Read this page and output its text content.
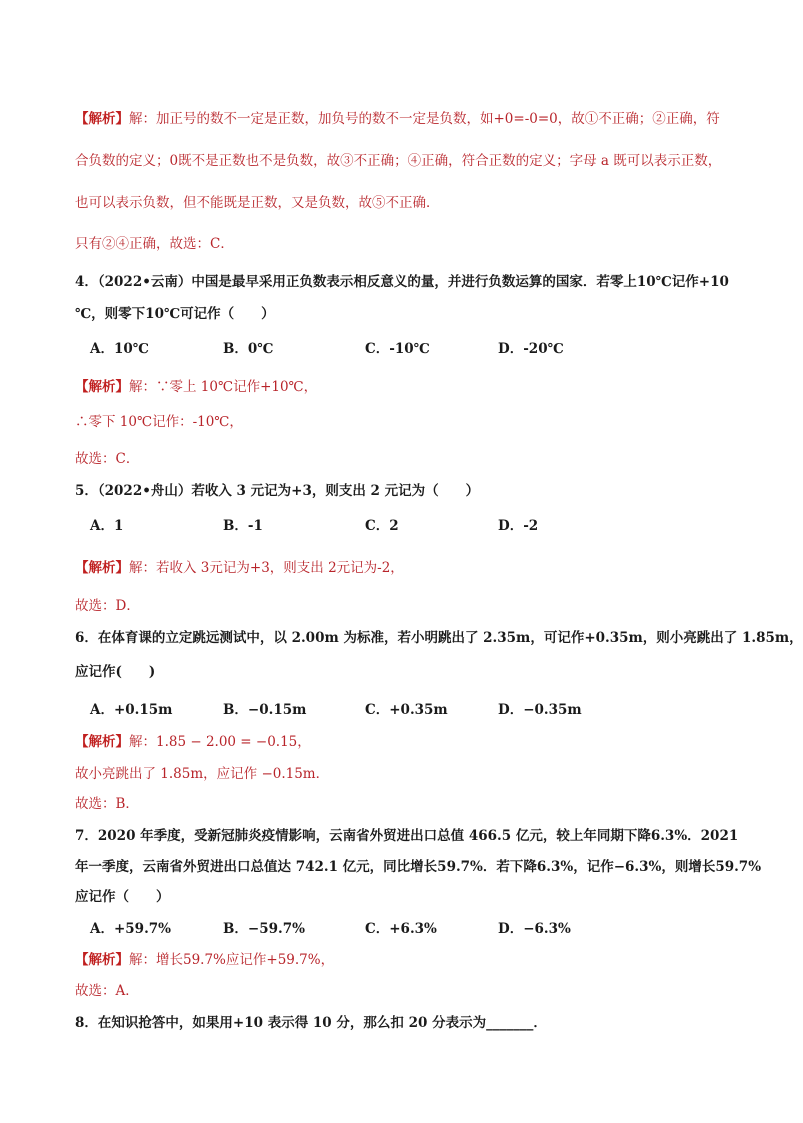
【解析】解：加正号的数不一定是正数，加负号的数不一定是负数，如+0=-0=0，故①不正确；②正确，符
合负数的定义；0既不是正数也不是负数，故③不正确；④正确，符合正数的定义；字母 a 既可以表示正数，
也可以表示负数，但不能既是正数，又是负数，故⑤不正确．
只有②④正确，故选：C．
4．（2022•云南）中国是最早采用正负数表示相反意义的量，并进行负数运算的国家．若零上10℃记作+10
℃，则零下10℃可记作（　　）
A．10℃	B．0℃	C．-10℃	D．-20℃
【解析】解：∵零上 10℃记作+10℃，
∴零下 10℃记作：-10℃，
故选：C．
5．（2022•舟山）若收入 3 元记为+3，则支出 2 元记为（　　）
A．1	B．-1	C．2	D．-2
【解析】解：若收入 3元记为+3，则支出 2元记为-2，
故选：D．
6．在体育课的立定跳远测试中，以 2.00m 为标准，若小明跳出了 2.35m，可记作+0.35m，则小亮跳出了 1.85m，
应记作(　　)
A．+0.15m	B．−0.15m	C．+0.35m	D．−0.35m
【解析】解：1.85 − 2.00 = −0.15，
故小亮跳出了 1.85m，应记作 −0.15m．
故选：B．
7．2020 年季度，受新冠肺炎疫情影响，云南省外贸进出口总值 466.5 亿元，较上年同期下降6.3%．2021
年一季度，云南省外贸进出口总值达 742.1 亿元，同比增长59.7%．若下降6.3%，记作−6.3%，则增长59.7%
应记作（　　）
A．+59.7%	B．−59.7%	C．+6.3%	D．−6.3%
【解析】解：增长59.7%应记作+59.7%，
故选：A．
8．在知识抢答中，如果用+10 表示得 10 分，那么扣 20 分表示为_______．
